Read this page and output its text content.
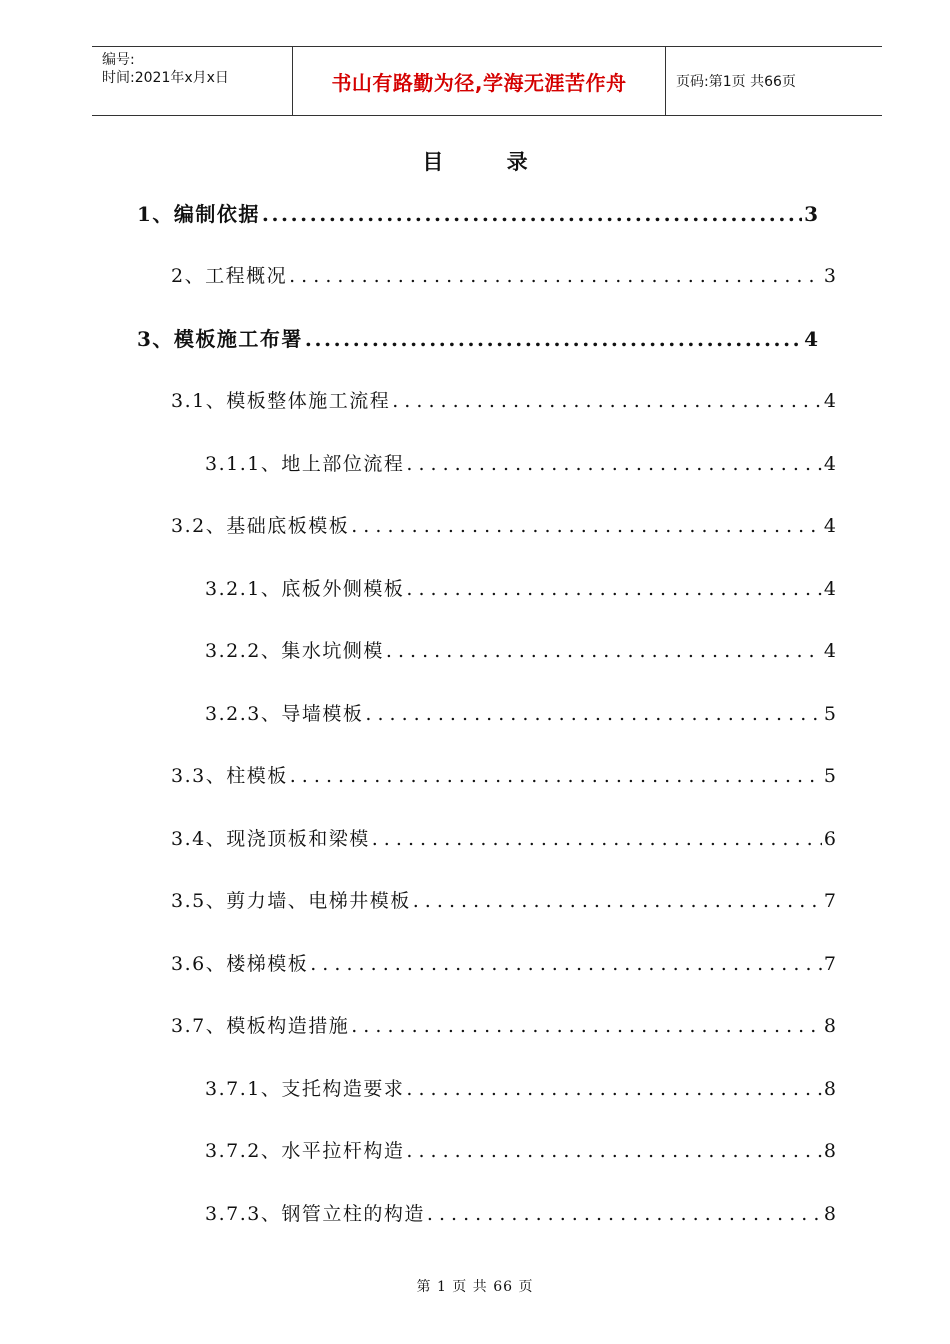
编号:
时间:2021年x月x日	书山有路勤为径,学海无涯苦作舟	页码:第1页 共66页
目 录
1、编制依据 .....	3
2、工程概况 . . .	3
3、模板施工布署 .....	4
3.1、模板整体施工流程 . . .	4
3.1.1、地上部位流程 . . .	4
3.2、基础底板模板 . . .	4
3.2.1、底板外侧模板 . . .	4
3.2.2、集水坑侧模 . . .	4
3.2.3、导墙模板 . . .	5
3.3、柱模板 . . .	5
3.4、现浇顶板和梁模 . . .	6
3.5、剪力墙、电梯井模板 . . .	7
3.6、楼梯模板 . . .	7
3.7、模板构造措施 . . .	8
3.7.1、支托构造要求 . . .	8
3.7.2、水平拉杆构造 . . .	8
3.7.3、钢管立柱的构造 . . .	8
第 1 页 共 66 页
